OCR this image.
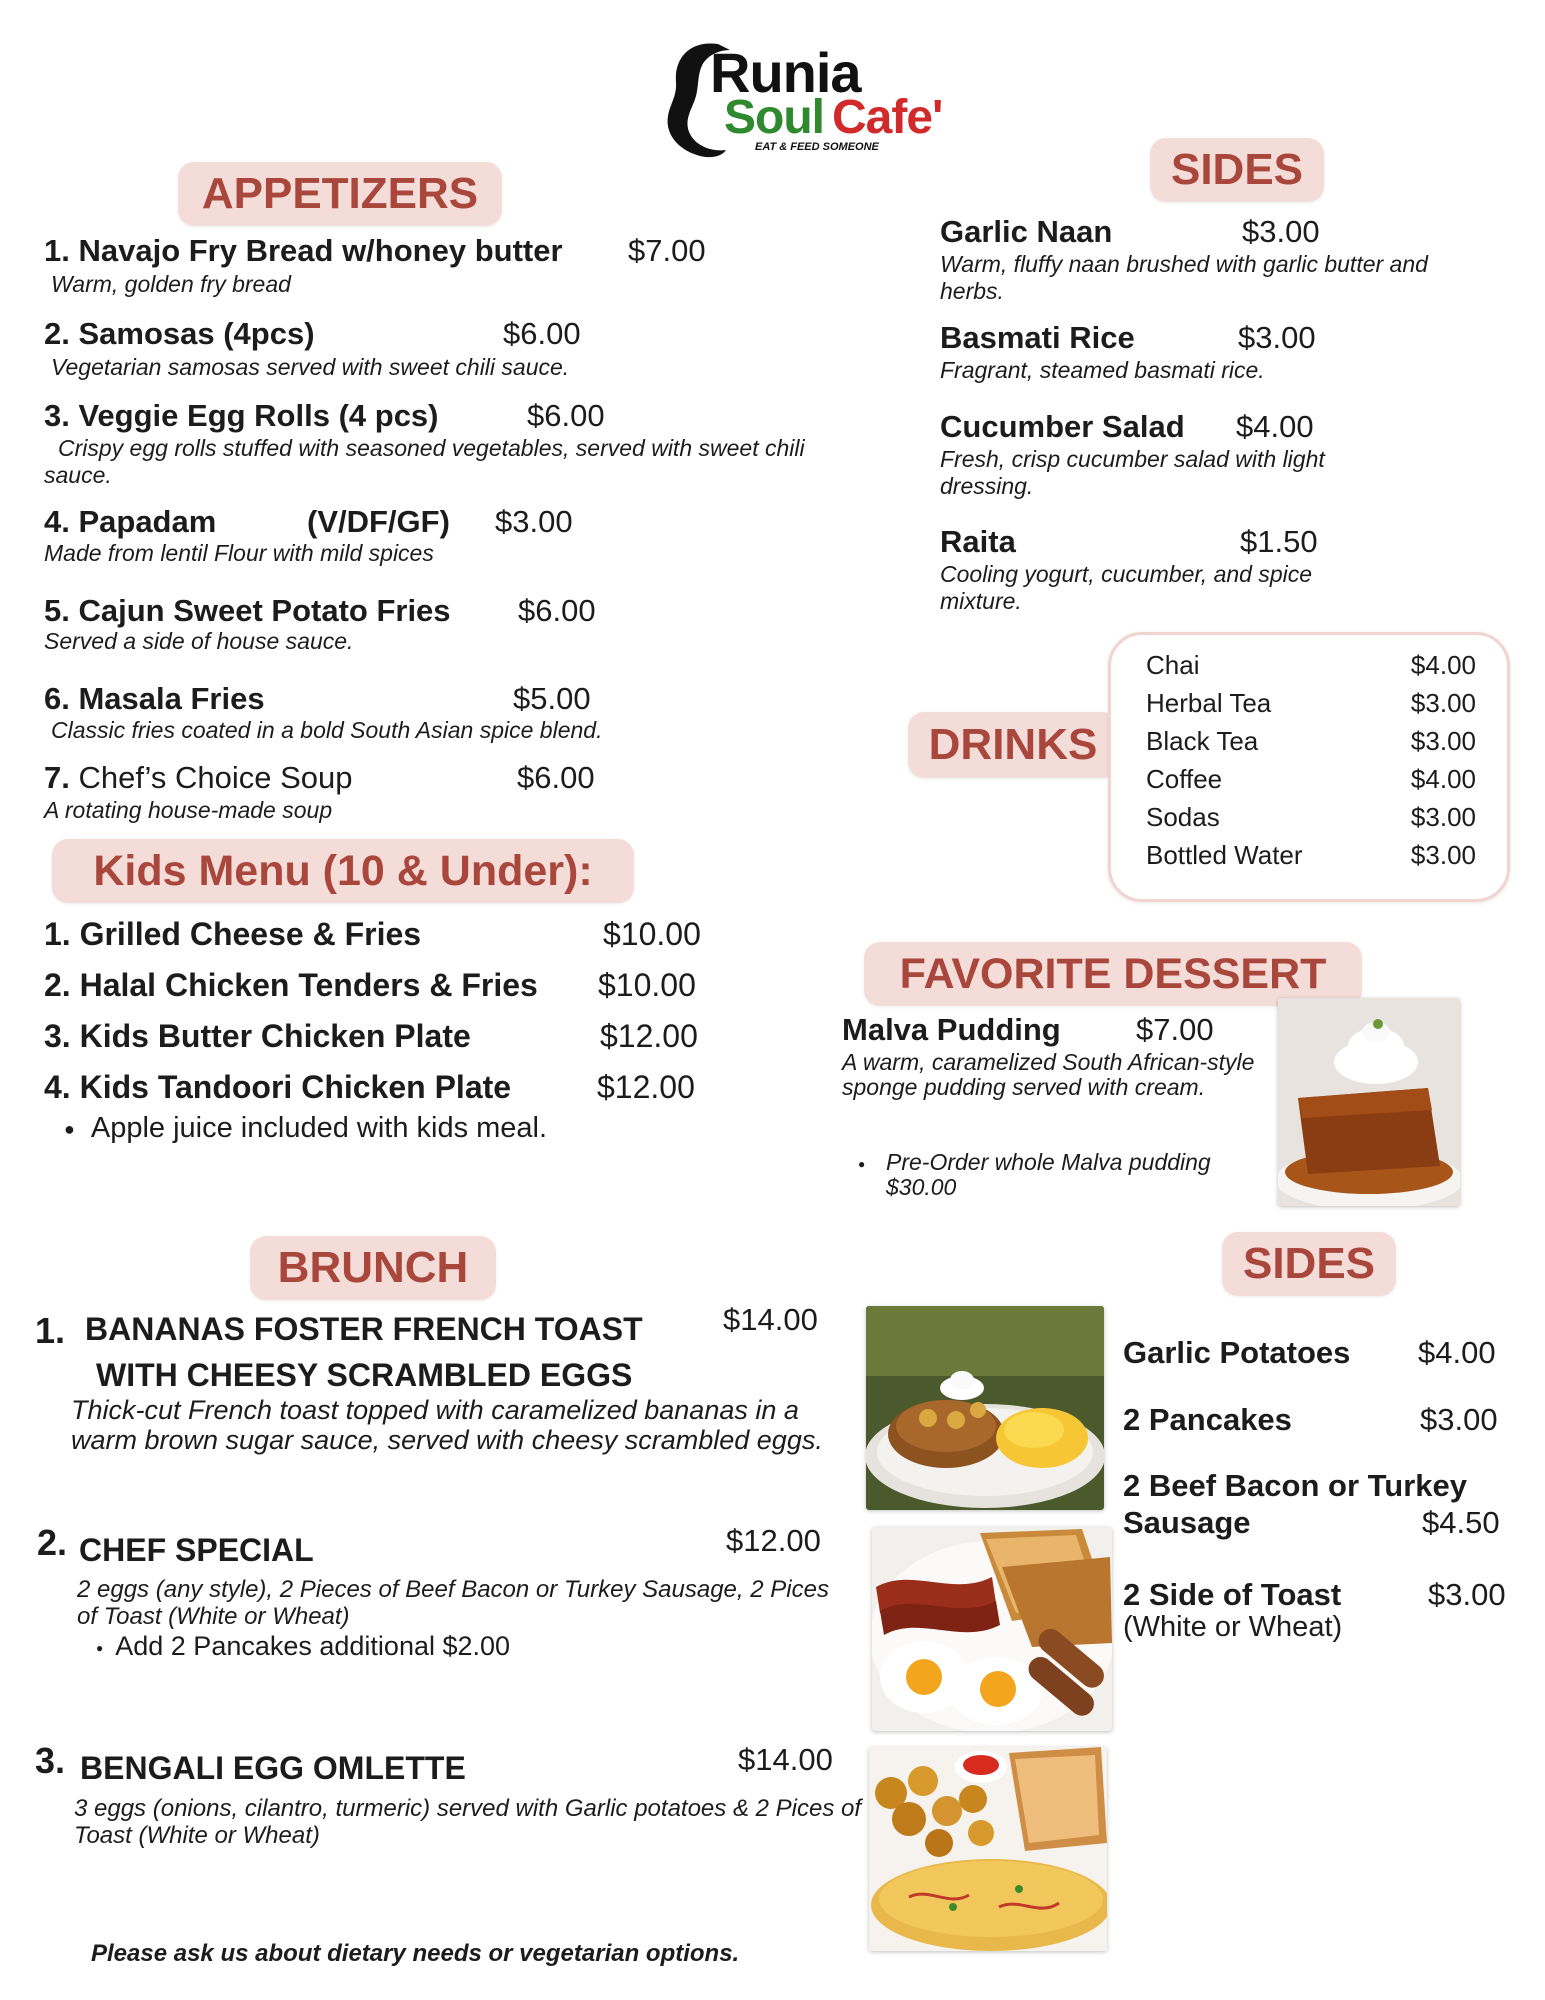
Runia
Soul Cafe'
EAT & FEED SOMEONE
APPETIZERS
1. Navajo Fry Bread w/honey butter $7.00
Warm, golden fry bread
2. Samosas (4pcs)	$6.00
Vegetarian samosas served with sweet chili sauce.
3. Veggie Egg Rolls (4 pcs)	$6.00
Crispy egg rolls stuffed with seasoned vegetables, served with sweet chili sauce.
4. Papadam	(V/DF/GF) $3.00
Made from lentil Flour with mild spices
5. Cajun Sweet Potato Fries $6.00
Served a side of house sauce.
6. Masala Fries	$5.00
Classic fries coated in a bold South Asian spice blend.
7. Chef’s Choice Soup	$6.00
A rotating house-made soup
Kids Menu (10 & Under):
1. Grilled Cheese & Fries	$10.00
2. Halal Chicken Tenders & Fries $10.00
3. Kids Butter Chicken Plate	$12.00
4. Kids Tandoori Chicken Plate	$12.00
● Apple juice included with kids meal.
SIDES
Garlic Naan	$3.00
Warm, fluffy naan brushed with garlic butter and herbs.
Basmati Rice	$3.00
Fragrant, steamed basmati rice.
Cucumber Salad $4.00
Fresh, crisp cucumber salad with light dressing.
Raita	$1.50
Cooling yogurt, cucumber, and spice mixture.
DRINKS
Chai	$4.00
Herbal Tea	$3.00
Black Tea	$3.00
Coffee	$4.00
Sodas	$3.00
Bottled Water	$3.00
FAVORITE DESSERT
Malva Pudding $7.00
A warm, caramelized South African-style sponge pudding served with cream.
● Pre-Order whole Malva pudding
$30.00
BRUNCH
1. BANANAS FOSTER FRENCH TOAST
WITH CHEESY SCRAMBLED EGGS
$14.00
Thick-cut French toast topped with caramelized bananas in a warm brown sugar sauce, served with cheesy scrambled eggs.
2. CHEF SPECIAL	$12.00
2 eggs (any style), 2 Pieces of Beef Bacon or Turkey Sausage, 2 Pices of Toast (White or Wheat)
● Add 2 Pancakes additional $2.00
3. BENGALI EGG OMLETTE	$14.00
3 eggs (onions, cilantro, turmeric) served with Garlic potatoes & 2 Pices of Toast (White or Wheat)
SIDES
Garlic Potatoes $4.00
2 Pancakes	$3.00
2 Beef Bacon or Turkey
Sausage	$4.50
2 Side of Toast	$3.00
(White or Wheat)
Please ask us about dietary needs or vegetarian options.
